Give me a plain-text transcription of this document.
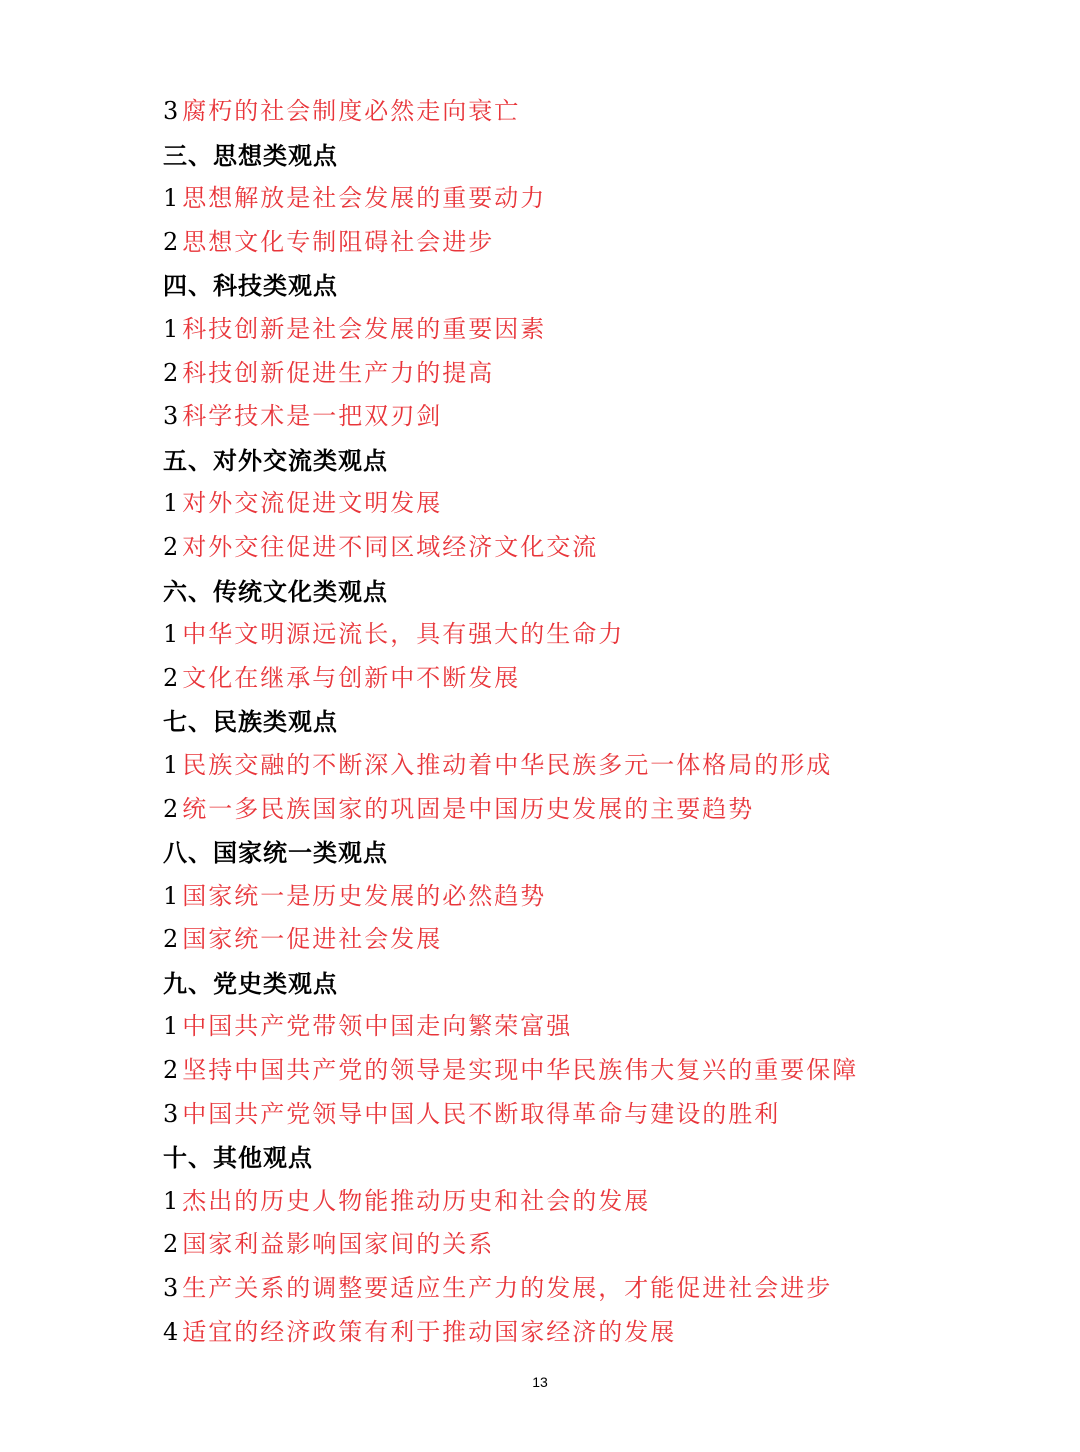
3 腐朽的社会制度必然走向衰亡
三、思想类观点
1 思想解放是社会发展的重要动力
2 思想文化专制阻碍社会进步
四、科技类观点
1 科技创新是社会发展的重要因素
2 科技创新促进生产力的提高
3 科学技术是一把双刃剑
五、对外交流类观点
1 对外交流促进文明发展
2 对外交往促进不同区域经济文化交流
六、传统文化类观点
1 中华文明源远流长，具有强大的生命力
2 文化在继承与创新中不断发展
七、民族类观点
1 民族交融的不断深入推动着中华民族多元一体格局的形成
2 统一多民族国家的巩固是中国历史发展的主要趋势
八、国家统一类观点
1 国家统一是历史发展的必然趋势
2 国家统一促进社会发展
九、党史类观点
1 中国共产党带领中国走向繁荣富强
2 坚持中国共产党的领导是实现中华民族伟大复兴的重要保障
3 中国共产党领导中国人民不断取得革命与建设的胜利
十、其他观点
1 杰出的历史人物能推动历史和社会的发展
2 国家利益影响国家间的关系
3 生产关系的调整要适应生产力的发展，才能促进社会进步
4 适宜的经济政策有利于推动国家经济的发展
13
